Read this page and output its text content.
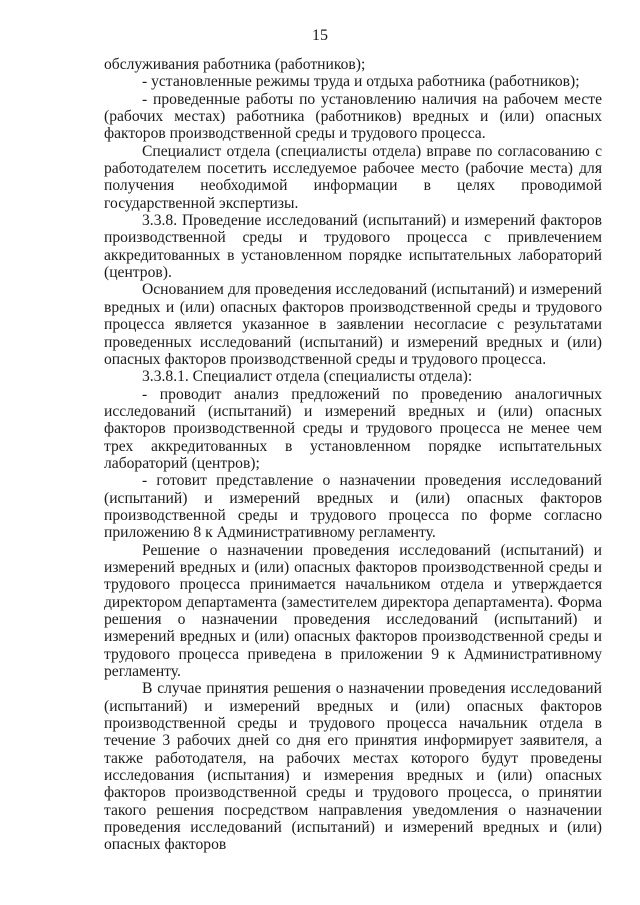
15

обслуживания работника (работников);

- установленные режимы труда и отдыха работника (работников);

- проведенные работы по установлению наличия на рабочем месте (рабочих местах) работника (работников) вредных и (или) опасных факторов производственной среды и трудового процесса.

Специалист отдела (специалисты отдела) вправе по согласованию с работодателем посетить исследуемое рабочее место (рабочие места) для получения необходимой информации в целях проводимой государственной экспертизы.

3.3.8. Проведение исследований (испытаний) и измерений факторов производственной среды и трудового процесса с привлечением аккредитованных в установленном порядке испытательных лабораторий (центров).

Основанием для проведения исследований (испытаний) и измерений вредных и (или) опасных факторов производственной среды и трудового процесса является указанное в заявлении несогласие с результатами проведенных исследований (испытаний) и измерений вредных и (или) опасных факторов производственной среды и трудового процесса.

3.3.8.1. Специалист отдела (специалисты отдела):

- проводит анализ предложений по проведению аналогичных исследований (испытаний) и измерений вредных и (или) опасных факторов производственной среды и трудового процесса не менее чем трех аккредитованных в установленном порядке испытательных лабораторий (центров);

- готовит представление о назначении проведения исследований (испытаний) и измерений вредных и (или) опасных факторов производственной среды и трудового процесса по форме согласно приложению 8 к Административному регламенту.

Решение о назначении проведения исследований (испытаний) и измерений вредных и (или) опасных факторов производственной среды и трудового процесса принимается начальником отдела и утверждается директором департамента (заместителем директора департамента). Форма решения о назначении проведения исследований (испытаний) и измерений вредных и (или) опасных факторов производственной среды и трудового процесса приведена в приложении 9 к Административному регламенту.

В случае принятия решения о назначении проведения исследований (испытаний) и измерений вредных и (или) опасных факторов производственной среды и трудового процесса начальник отдела в течение 3 рабочих дней со дня его принятия информирует заявителя, а также работодателя, на рабочих местах которого будут проведены исследования (испытания) и измерения вредных и (или) опасных факторов производственной среды и трудового процесса, о принятии такого решения посредством направления уведомления о назначении проведения исследований (испытаний) и измерений вредных и (или) опасных факторов
